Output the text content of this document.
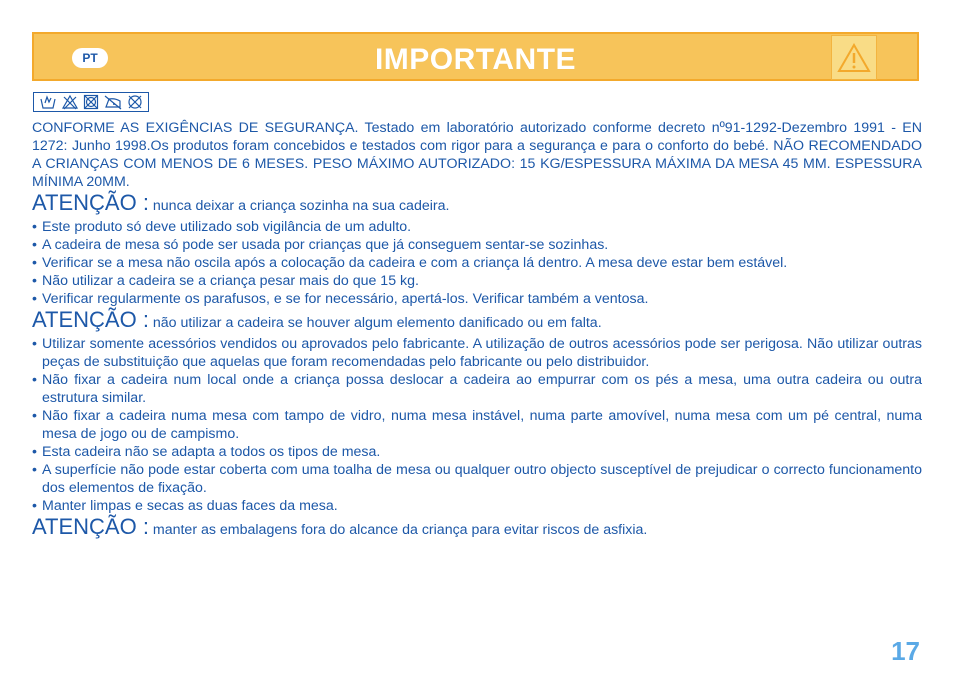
PT	IMPORTANTE

CONFORME AS EXIGÊNCIAS DE SEGURANÇA. Testado em laboratório autorizado conforme decreto nº91-1292-Dezembro 1991 - EN 1272: Junho 1998.Os produtos foram concebidos e testados com rigor para a segurança e para o conforto do bebé. NÃO RECOMENDADO A CRIANÇAS COM MENOS DE 6 MESES. PESO MÁXIMO AUTORIZADO: 15 KG/ESPESSURA MÁXIMA DA MESA 45 MM. ESPESSURA MÍNIMA 20MM.

ATENÇÃO : nunca deixar a criança sozinha na sua cadeira.

• Este produto só deve utilizado sob vigilância de um adulto.
• A cadeira de mesa só pode ser usada por crianças que já conseguem sentar-se sozinhas.
• Verificar se a mesa não oscila após a colocação da cadeira e com a criança lá dentro. A mesa deve estar bem estável.
• Não utilizar a cadeira se a criança pesar mais do que 15 kg.
• Verificar regularmente os parafusos, e se for necessário, apertá-los. Verificar também a ventosa.

ATENÇÃO : não utilizar a cadeira se houver algum elemento danificado ou em falta.

• Utilizar somente acessórios vendidos ou aprovados pelo fabricante. A utilização de outros acessórios pode ser perigosa. Não utilizar outras peças de substituição que aquelas que foram recomendadas pelo fabricante ou pelo distribuidor.
• Não fixar a cadeira num local onde a criança possa deslocar a cadeira ao empurrar com os pés a mesa, uma outra cadeira ou outra estrutura similar.
• Não fixar a cadeira numa mesa com tampo de vidro, numa mesa instável, numa parte amovível, numa mesa com um pé central, numa mesa de jogo ou de campismo.
• Esta cadeira não se adapta a todos os tipos de mesa.
• A superfície não pode estar coberta com uma toalha de mesa ou qualquer outro objecto susceptível de prejudicar o correcto funcionamento dos elementos de fixação.
• Manter limpas e secas as duas faces da mesa.

ATENÇÃO : manter as embalagens fora do alcance da criança para evitar riscos de asfixia.

17
